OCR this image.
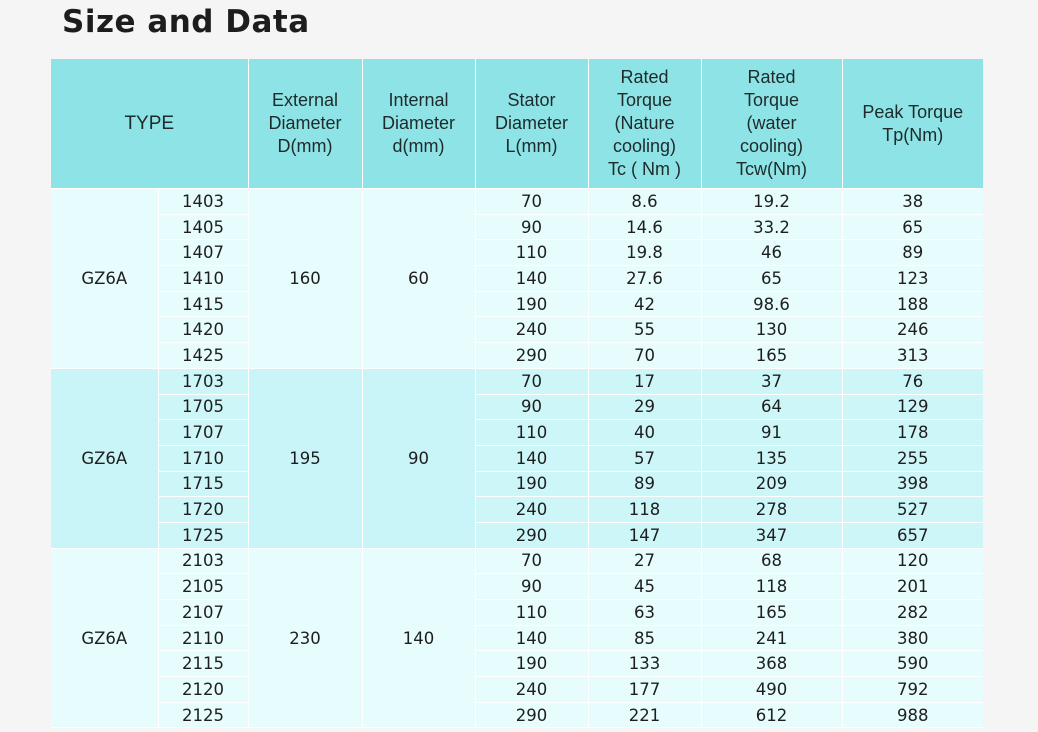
Size and Data
TYPE		External
Diameter
D(mm)	Internal
Diameter
d(mm)	Stator
Diameter
L(mm)	Rated
Torque
(Nature
cooling)
Tc ( Nm )	Rated
Torque
(water
cooling)
Tcw(Nm)	Peak Torque
Tp(Nm)
GZ6A	1403	160	60	70	8.6	19.2	38
	1405			90	14.6	33.2	65
	1407			110	19.8	46	89
	1410			140	27.6	65	123
	1415			190	42	98.6	188
	1420			240	55	130	246
	1425			290	70	165	313
GZ6A	1703	195	90	70	17	37	76
	1705			90	29	64	129
	1707			110	40	91	178
	1710			140	57	135	255
	1715			190	89	209	398
	1720			240	118	278	527
	1725			290	147	347	657
GZ6A	2103	230	140	70	27	68	120
	2105			90	45	118	201
	2107			110	63	165	282
	2110			140	85	241	380
	2115			190	133	368	590
	2120			240	177	490	792
	2125			290	221	612	988
